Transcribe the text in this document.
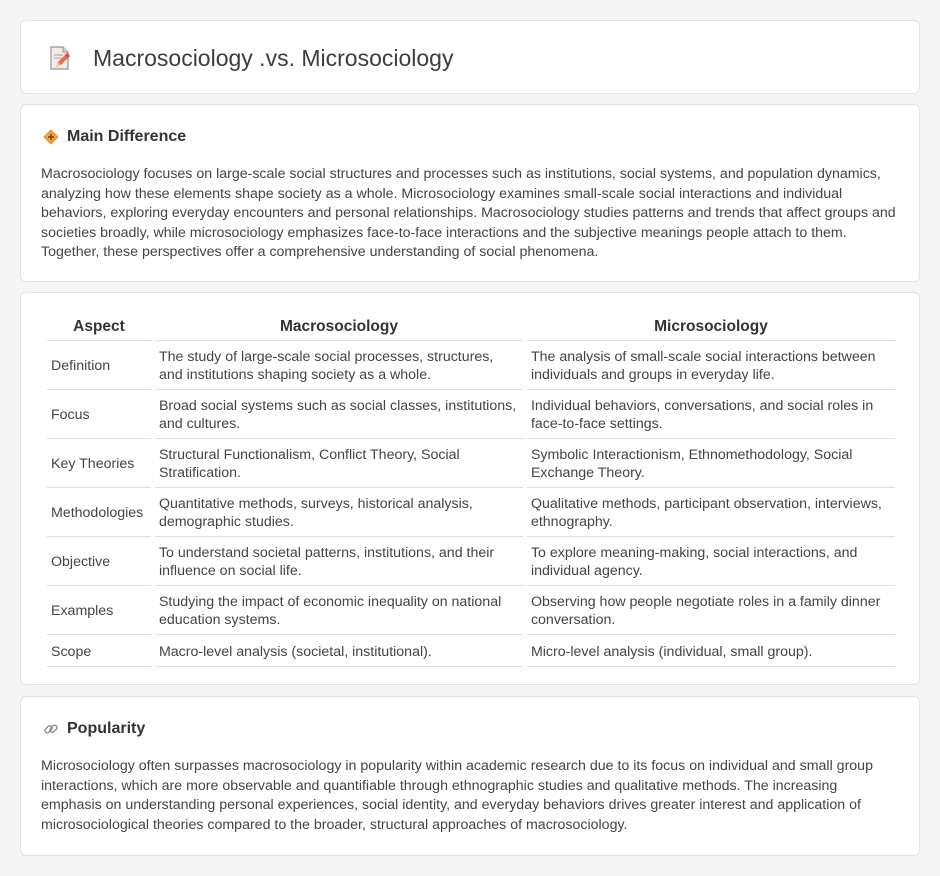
Macrosociology .vs. Microsociology
Main Difference

Macrosociology focuses on large-scale social structures and processes such as institutions, social systems, and population dynamics, analyzing how these elements shape society as a whole. Microsociology examines small-scale social interactions and individual behaviors, exploring everyday encounters and personal relationships. Macrosociology studies patterns and trends that affect groups and societies broadly, while microsociology emphasizes face-to-face interactions and the subjective meanings people attach to them. Together, these perspectives offer a comprehensive understanding of social phenomena.

Aspect	Macrosociology	Microsociology
Definition	The study of large-scale social processes, structures, and institutions shaping society as a whole.	The analysis of small-scale social interactions between individuals and groups in everyday life.
Focus	Broad social systems such as social classes, institutions, and cultures.	Individual behaviors, conversations, and social roles in face-to-face settings.
Key Theories	Structural Functionalism, Conflict Theory, Social Stratification.	Symbolic Interactionism, Ethnomethodology, Social Exchange Theory.
Methodologies	Quantitative methods, surveys, historical analysis, demographic studies.	Qualitative methods, participant observation, interviews, ethnography.
Objective	To understand societal patterns, institutions, and their influence on social life.	To explore meaning-making, social interactions, and individual agency.
Examples	Studying the impact of economic inequality on national education systems.	Observing how people negotiate roles in a family dinner conversation.
Scope	Macro-level analysis (societal, institutional).	Micro-level analysis (individual, small group).
Popularity

Microsociology often surpasses macrosociology in popularity within academic research due to its focus on individual and small group interactions, which are more observable and quantifiable through ethnographic studies and qualitative methods. The increasing emphasis on understanding personal experiences, social identity, and everyday behaviors drives greater interest and application of microsociological theories compared to the broader, structural approaches of macrosociology.
